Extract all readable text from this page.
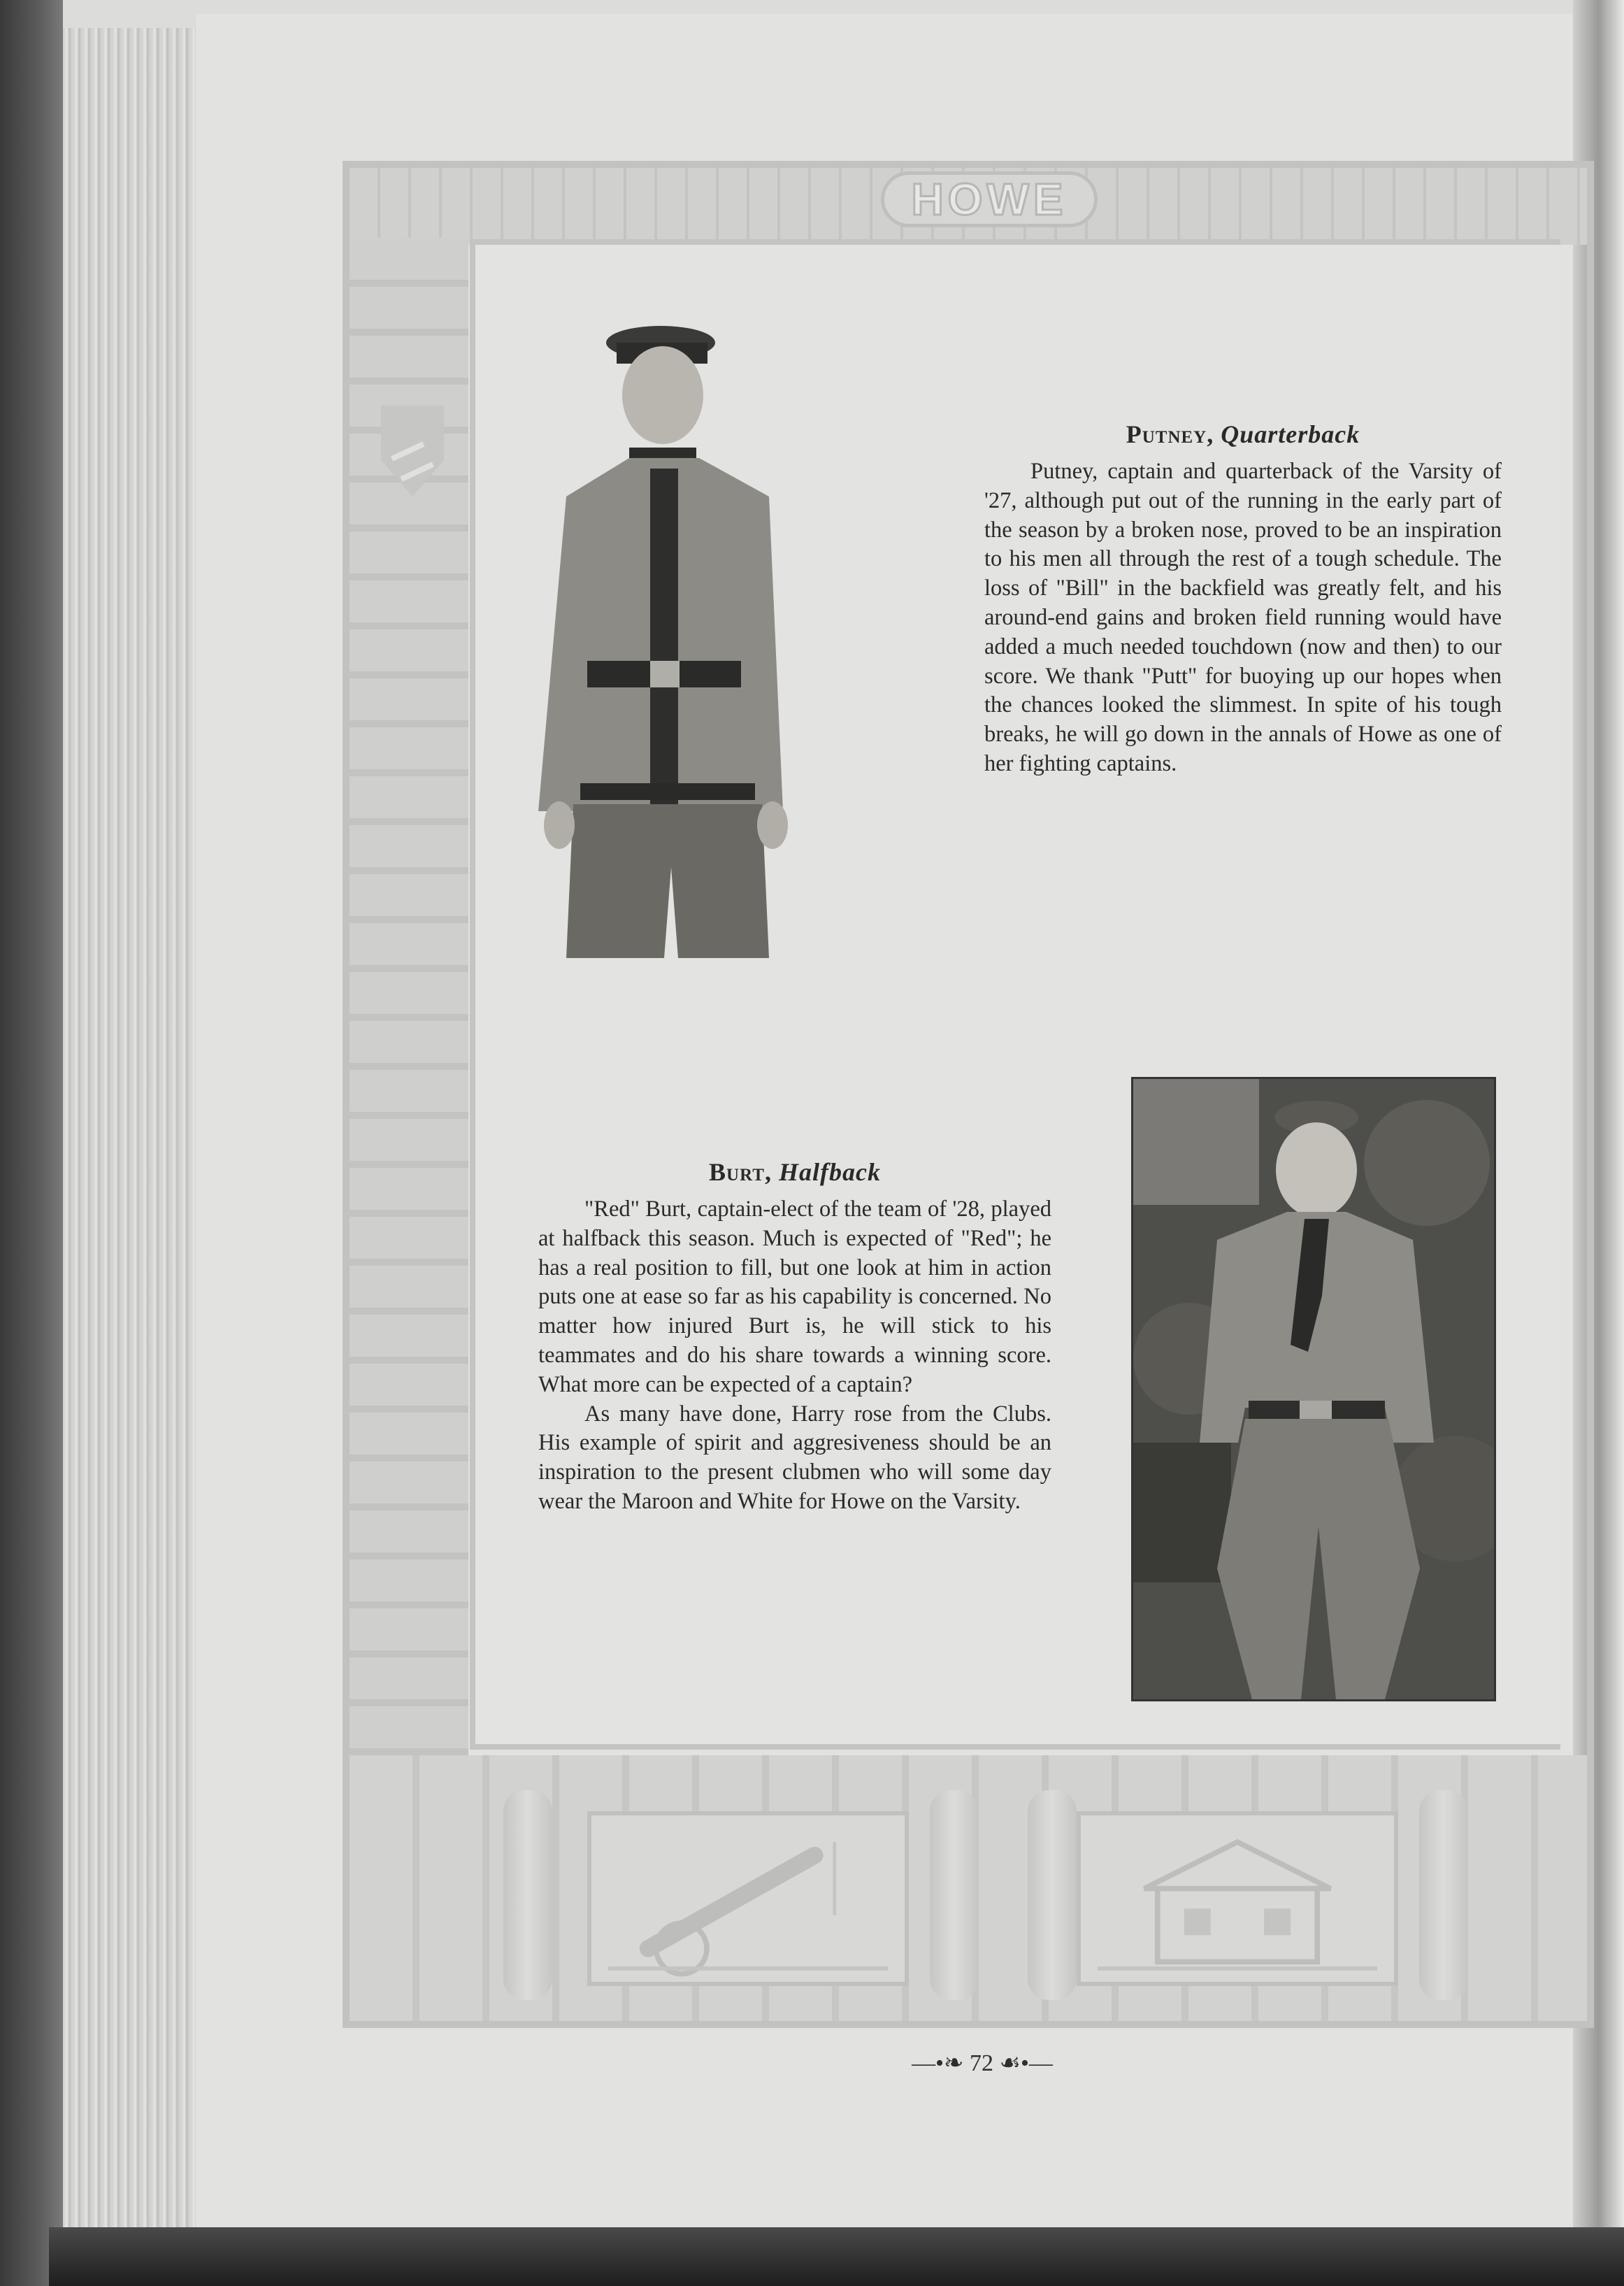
HOWE
Putney, Quarterback

Putney, captain and quarterback of the Varsity of '27, although put out of the running in the early part of the season by a broken nose, proved to be an inspiration to his men all through the rest of a tough schedule. The loss of "Bill" in the backfield was greatly felt, and his around-end gains and broken field running would have added a much needed touchdown (now and then) to our score. We thank "Putt" for buoying up our hopes when the chances looked the slimmest. In spite of his tough breaks, he will go down in the annals of Howe as one of her fighting captains.

Burt, Halfback

"Red" Burt, captain-elect of the team of '28, played at halfback this season. Much is expected of "Red"; he has a real position to fill, but one look at him in action puts one at ease so far as his capability is concerned. No matter how injured Burt is, he will stick to his teammates and do his share towards a winning score. What more can be expected of a captain?

As many have done, Harry rose from the Clubs. His example of spirit and aggresiveness should be an inspiration to the present clubmen who will some day wear the Maroon and White for Howe on the Varsity.

—•❧ 72 ☙•—
